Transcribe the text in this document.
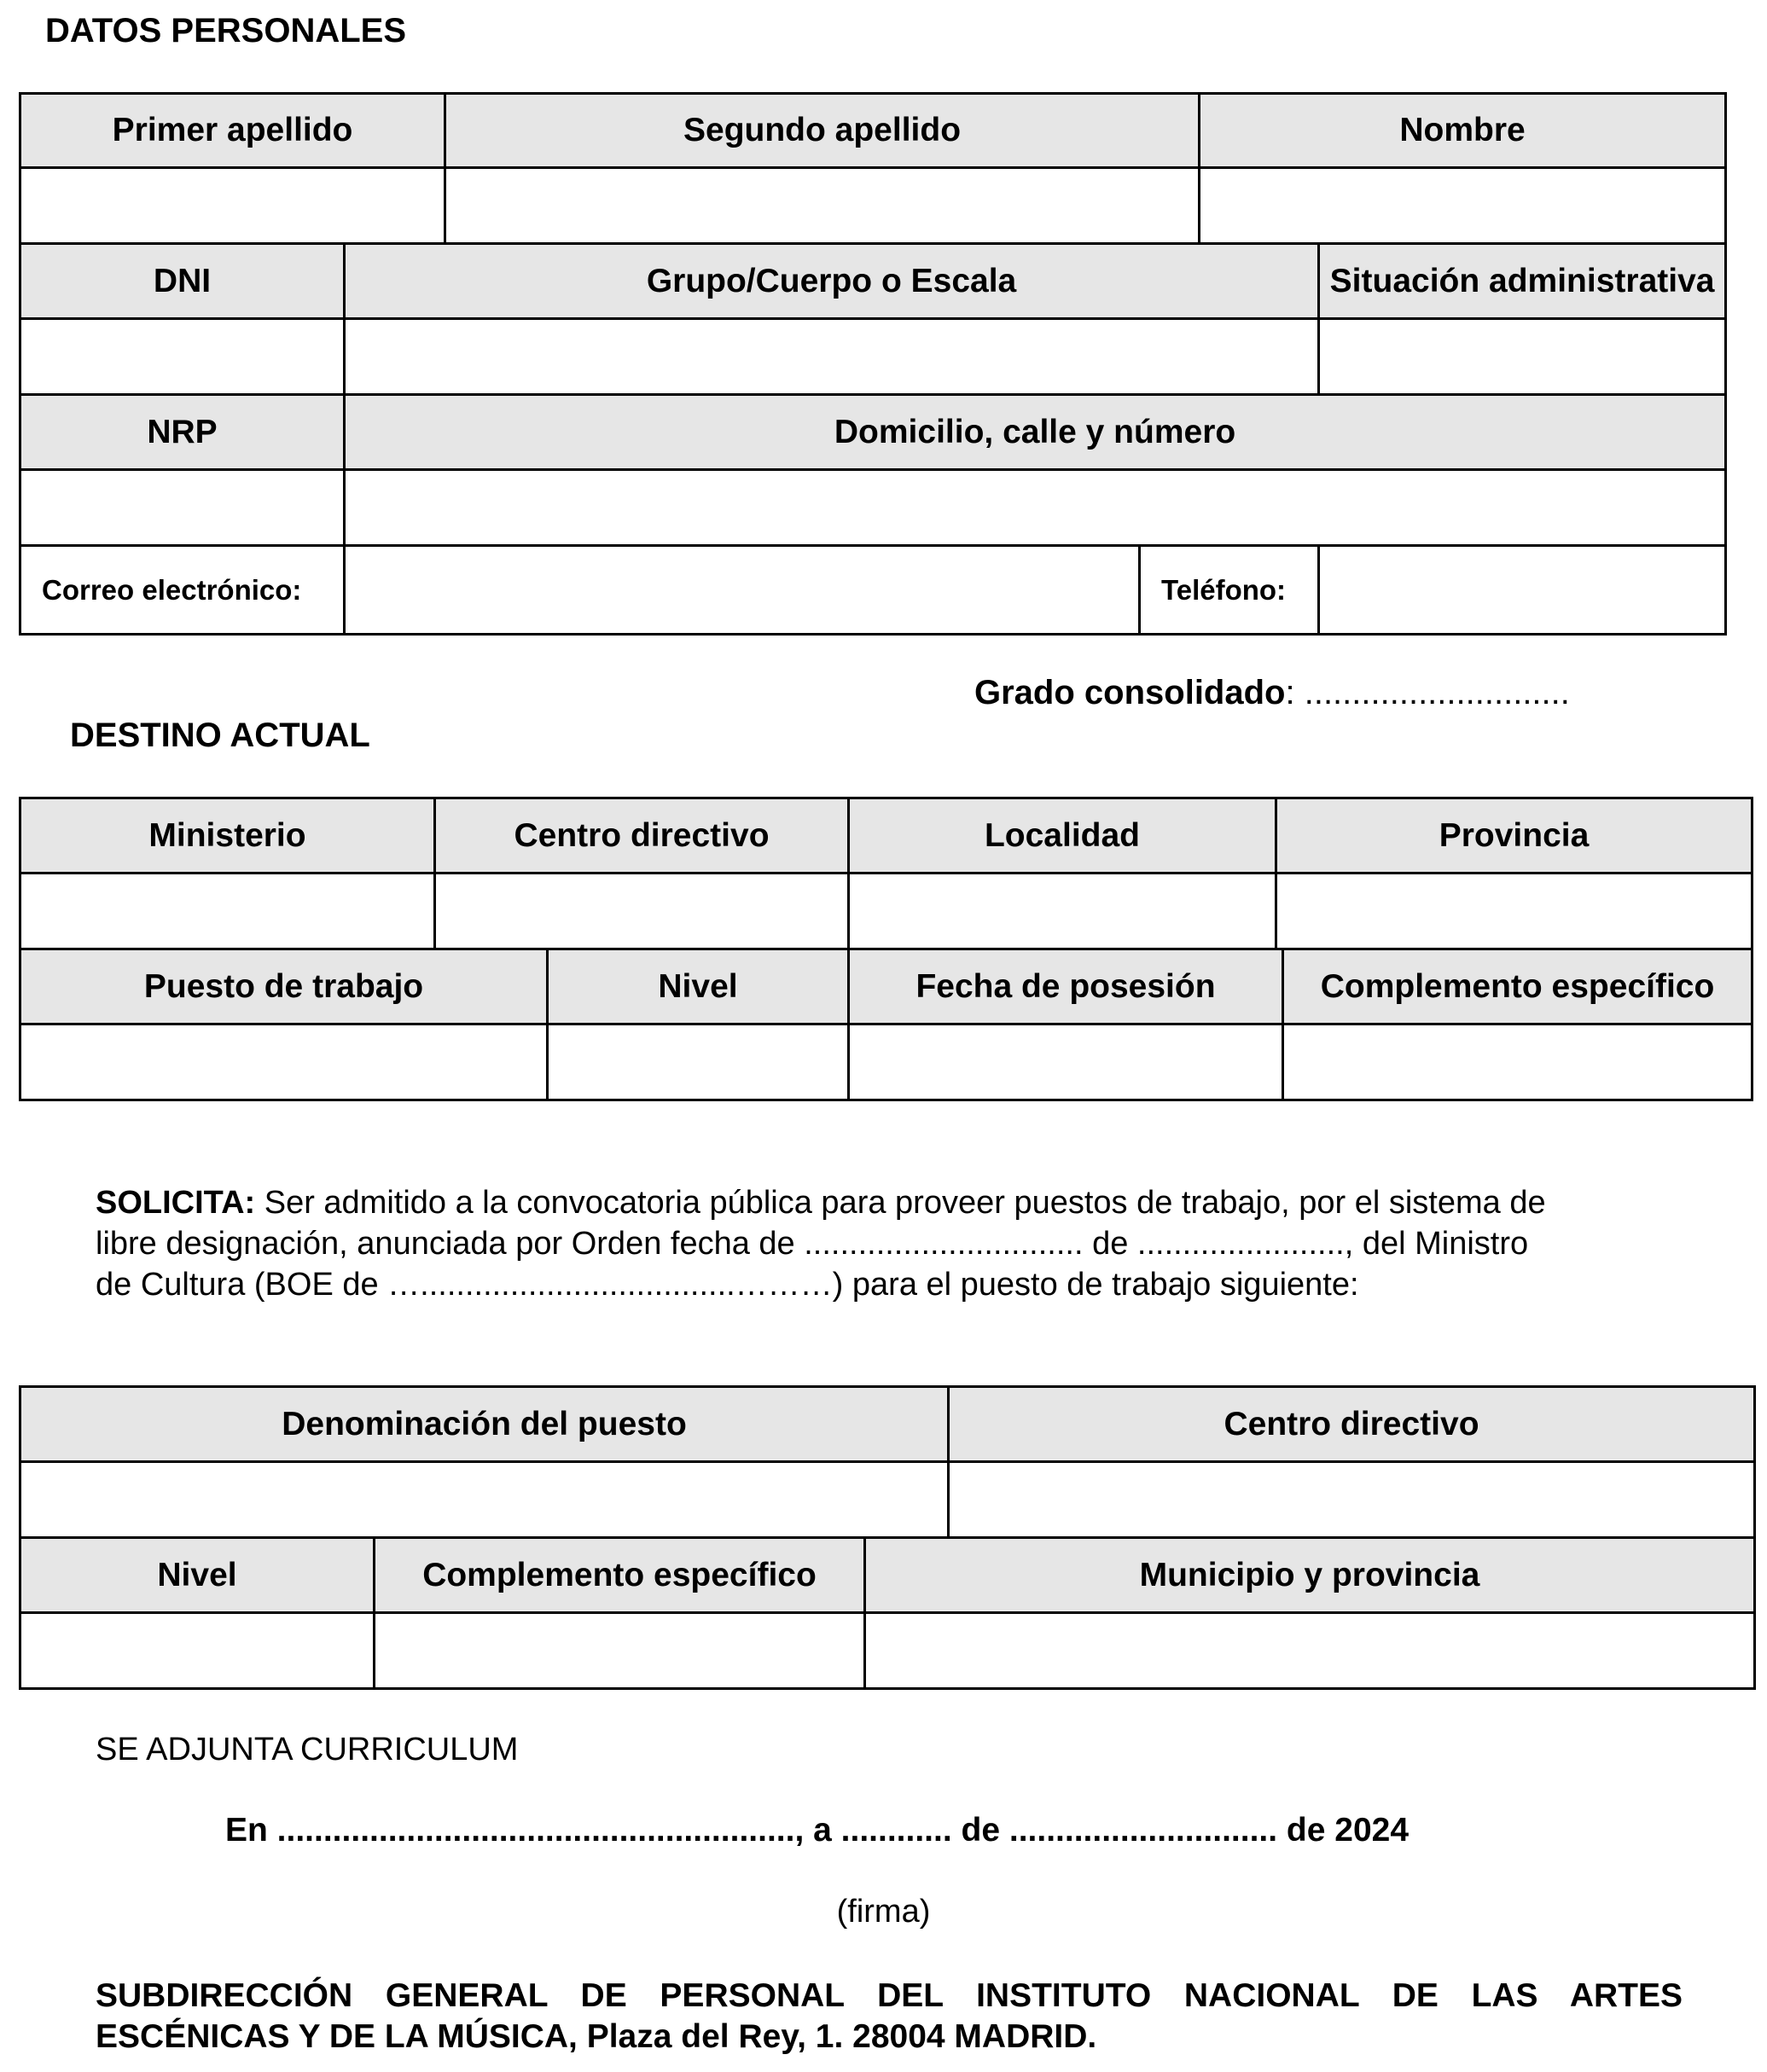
DATOS PERSONALES
Primer apellido		Segundo apellido		Nombre	

DNI	Grupo/Cuerpo o Escala				Situación administrativa

NRP	Domicilio, calle y número				

Correo electrónico:			Teléfono:		
Grado consolidado: ............................
DESTINO ACTUAL
Ministerio	Centro directivo		Localidad	Provincia	

Puesto de trabajo		Nivel	Fecha de posesión		Complemento específico

SOLICITA: Ser admitido a la convocatoria pública para proveer puestos de trabajo, por el sistema de
libre designación, anunciada por Orden fecha de ............................... de ......................., del Ministro
de Cultura (BOE de …...................................………) para el puesto de trabajo siguiente:
Denominación del puesto			Centro directivo

Nivel	Complemento específico	Municipio y provincia	

SE ADJUNTA CURRICULUM
En ........................................................, a ............ de ............................. de 2024
(firma)
SUBDIRECCIÓN GENERAL DE PERSONAL DEL INSTITUTO NACIONAL DE LAS ARTES
ESCÉNICAS Y DE LA MÚSICA, Plaza del Rey, 1. 28004 MADRID.
